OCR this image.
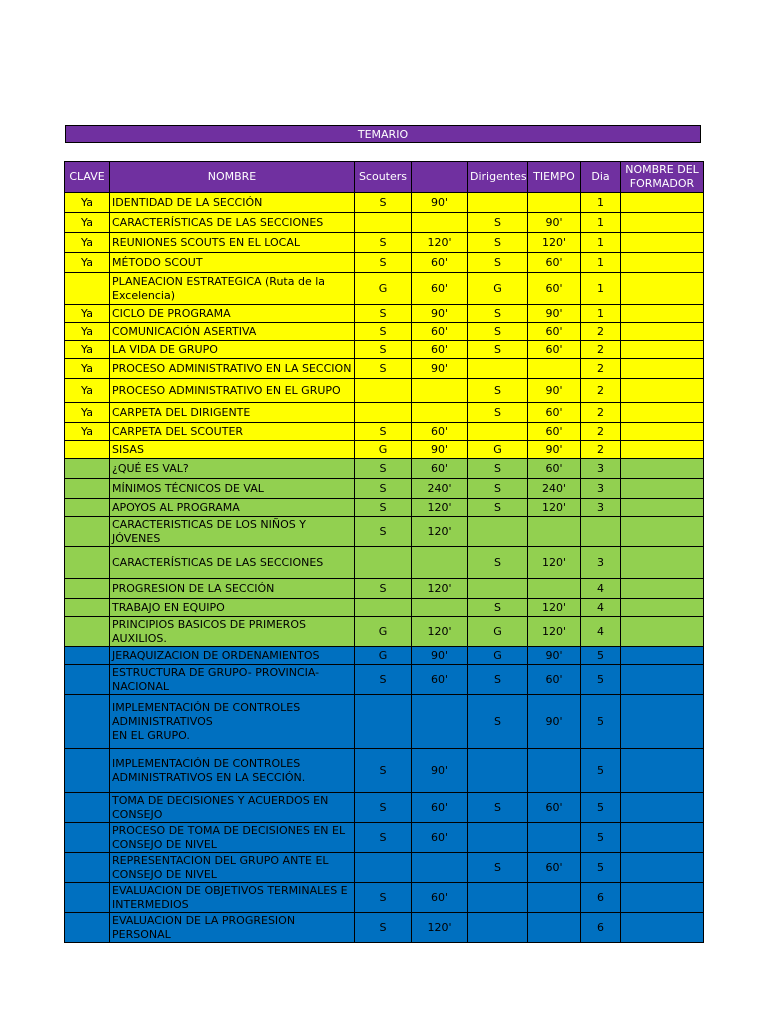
TEMARIO
CLAVE	NOMBRE	Scouters		Dirigentes	TIEMPO	Dia	NOMBRE DEL FORMADOR
Ya	IDENTIDAD DE LA SECCIÓN	S	90'			1	
Ya	CARACTERÍSTICAS DE LAS SECCIONES			S	90'	1	
Ya	REUNIONES SCOUTS EN EL LOCAL	S	120'	S	120'	1	
Ya	MÉTODO SCOUT	S	60'	S	60'	1	
	PLANEACION ESTRATEGICA (Ruta de la Excelencia)	G	60'	G	60'	1	
Ya	CICLO DE PROGRAMA	S	90'	S	90'	1	
Ya	COMUNICACIÓN ASERTIVA	S	60'	S	60'	2	
Ya	LA VIDA DE GRUPO	S	60'	S	60'	2	
Ya	PROCESO ADMINISTRATIVO EN LA SECCION	S	90'			2	
Ya	PROCESO ADMINISTRATIVO EN EL GRUPO			S	90'	2	
Ya	CARPETA DEL DIRIGENTE			S	60'	2	
Ya	CARPETA DEL SCOUTER	S	60'		60'	2	
	SISAS	G	90'	G	90'	2	
	¿QUÉ ES VAL?	S	60'	S	60'	3	
	MÍNIMOS TÉCNICOS DE VAL	S	240'	S	240'	3	
	APOYOS AL PROGRAMA	S	120'	S	120'	3	
	CARACTERISTICAS DE LOS NIÑOS Y JÓVENES	S	120'				
	CARACTERÍSTICAS DE LAS SECCIONES			S	120'	3	
	PROGRESION DE LA SECCIÓN	S	120'			4	
	TRABAJO EN EQUIPO			S	120'	4	
	PRINCIPIOS BASICOS DE PRIMEROS AUXILIOS.	G	120'	G	120'	4	
	JERAQUIZACION DE ORDENAMIENTOS	G	90'	G	90'	5	
	ESTRUCTURA DE GRUPO- PROVINCIA-NACIONAL	S	60'	S	60'	5	
	IMPLEMENTACIÓN DE CONTROLES ADMINISTRATIVOS
EN EL GRUPO.			S	90'	5	
	IMPLEMENTACIÓN DE CONTROLES ADMINISTRATIVOS EN LA SECCIÓN.	S	90'			5	
	TOMA DE DECISIONES Y ACUERDOS EN CONSEJO	S	60'	S	60'	5	
	PROCESO DE TOMA DE DECISIONES EN EL CONSEJO DE NIVEL	S	60'			5	
	REPRESENTACION DEL GRUPO ANTE EL CONSEJO DE NIVEL			S	60'	5	
	EVALUACION DE OBJETIVOS TERMINALES E INTERMEDIOS	S	60'			6	
	EVALUACION DE LA PROGRESION PERSONAL	S	120'			6	
